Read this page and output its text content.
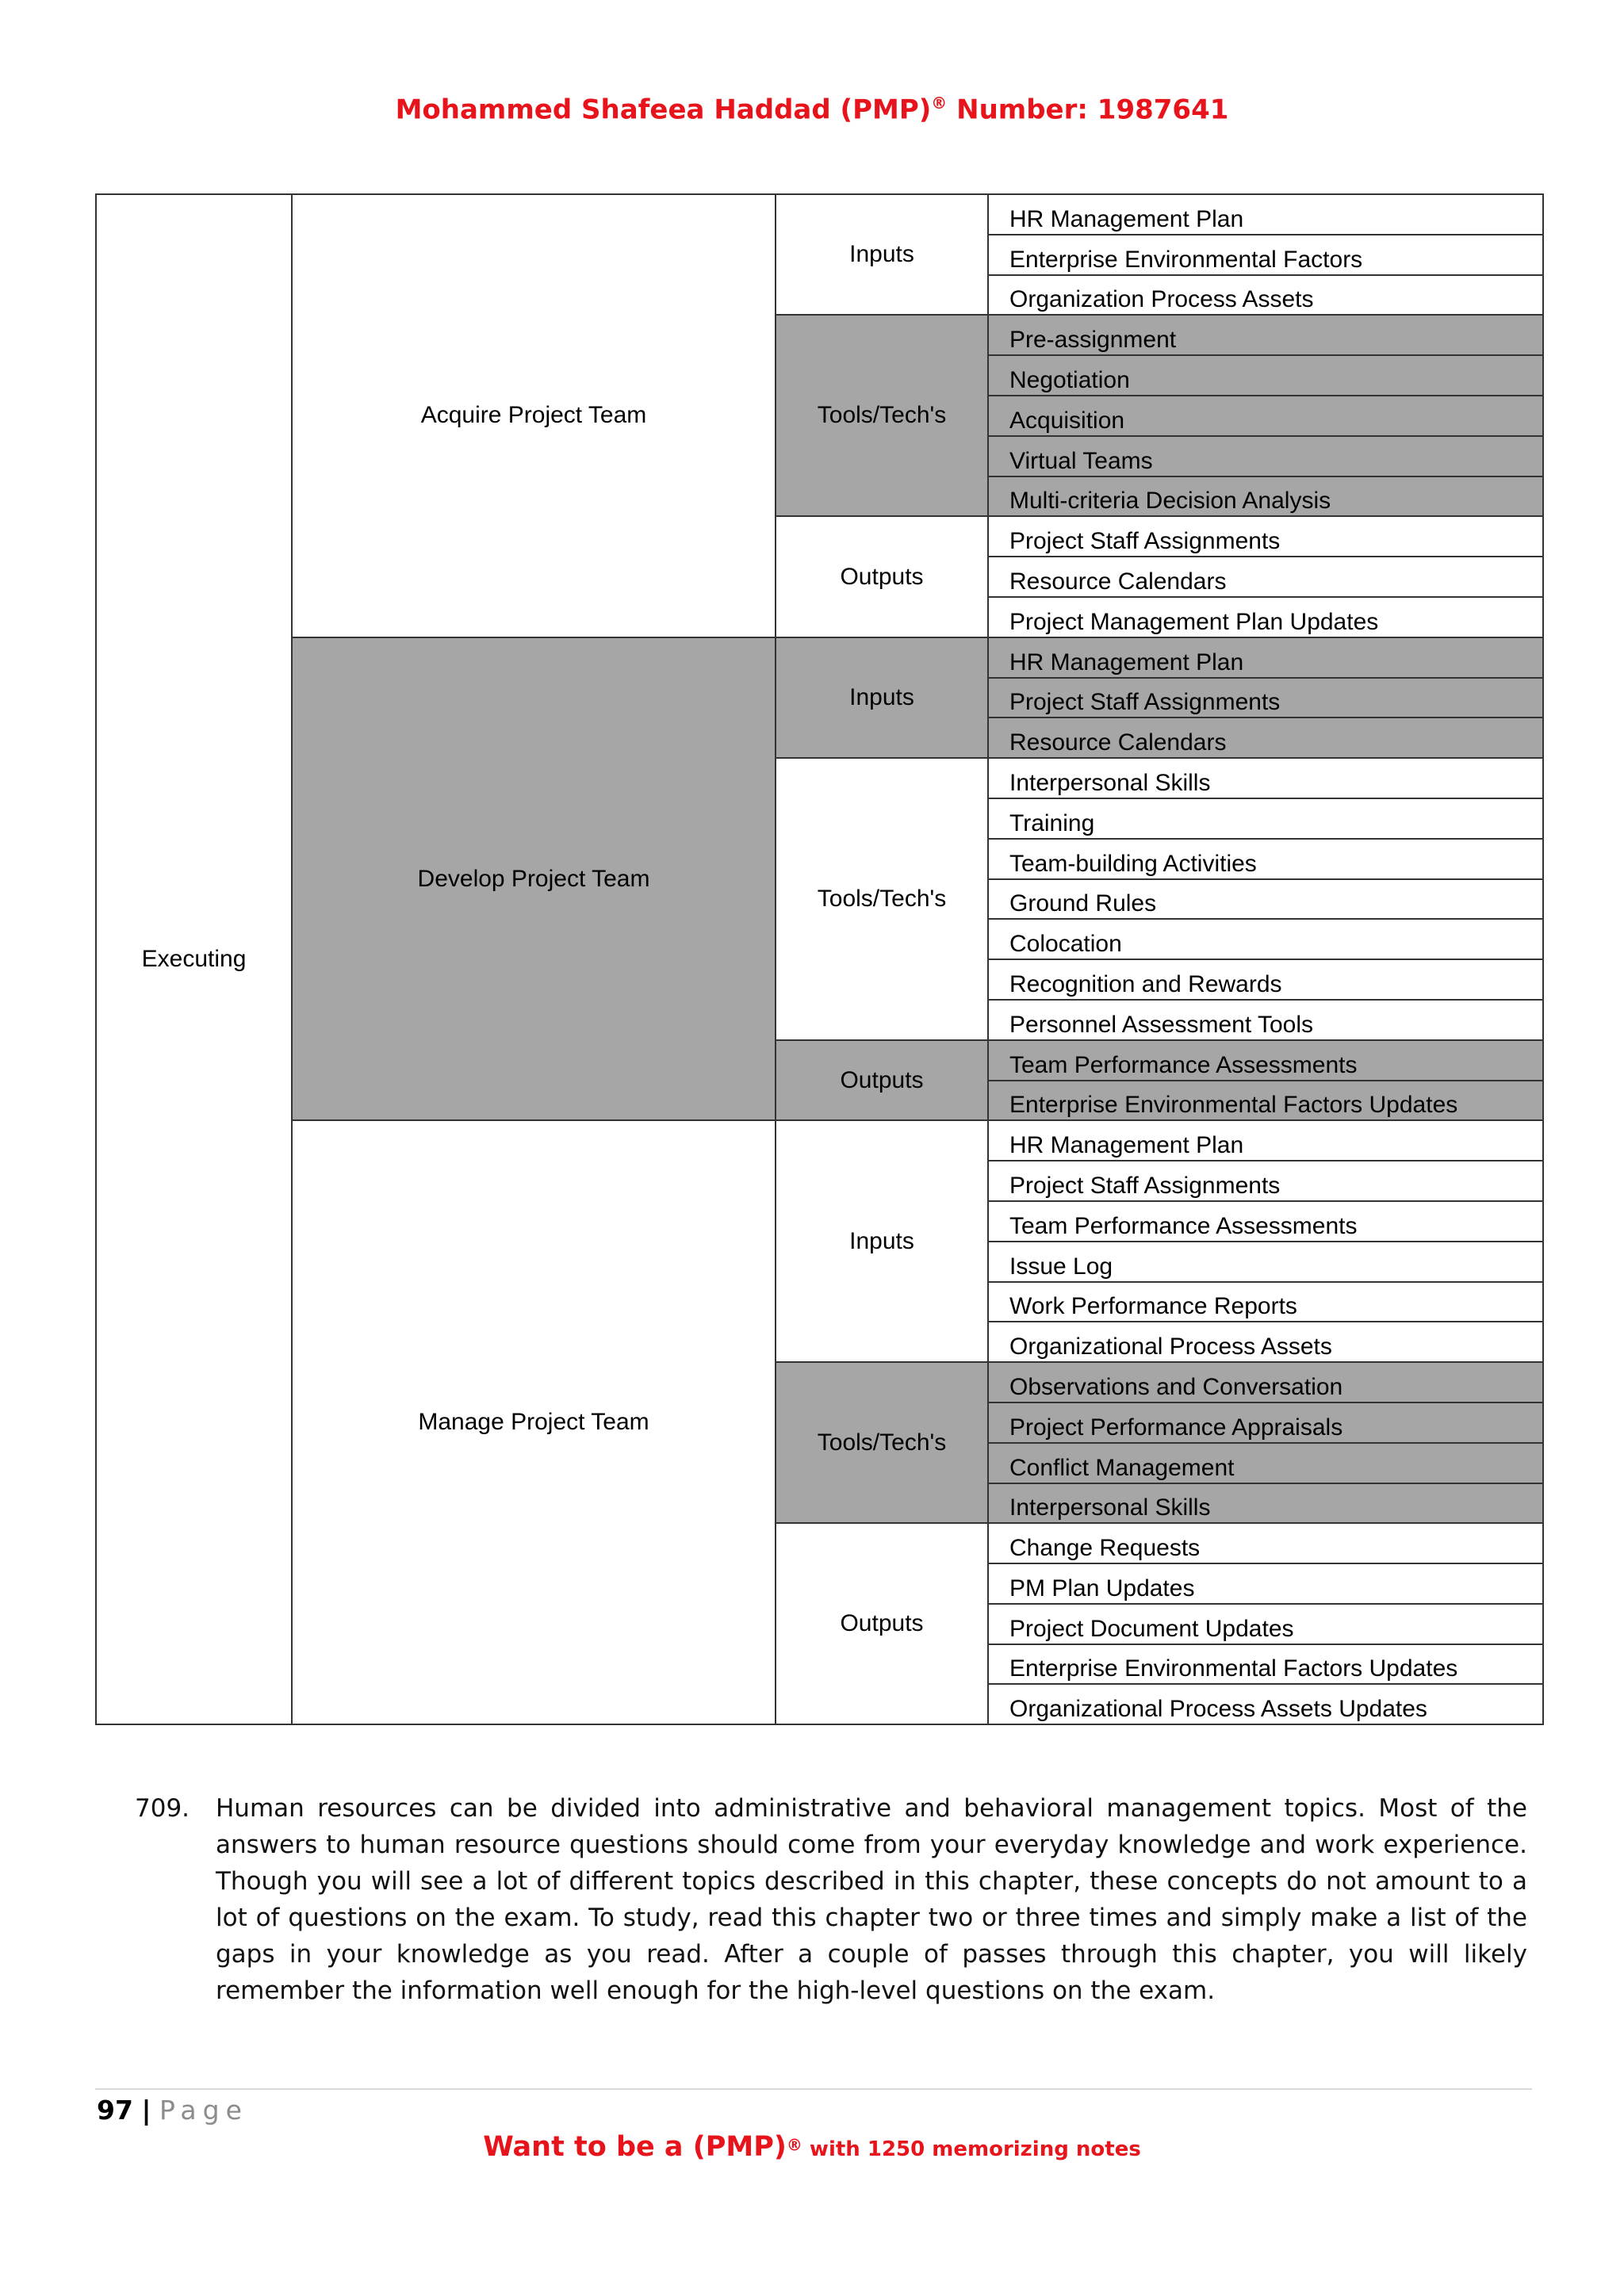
Mohammed Shafeea Haddad (PMP)® Number: 1987641
Executing	Acquire Project Team	Inputs	HR Management Plan
			Enterprise Environmental Factors
			Organization Process Assets
		Tools/Tech's	Pre-assignment
			Negotiation
			Acquisition
			Virtual Teams
			Multi-criteria Decision Analysis
		Outputs	Project Staff Assignments
			Resource Calendars
			Project Management Plan Updates
	Develop Project Team	Inputs	HR Management Plan
			Project Staff Assignments
			Resource Calendars
		Tools/Tech's	Interpersonal Skills
			Training
			Team-building Activities
			Ground Rules
			Colocation
			Recognition and Rewards
			Personnel Assessment Tools
		Outputs	Team Performance Assessments
			Enterprise Environmental Factors Updates
	Manage Project Team	Inputs	HR Management Plan
			Project Staff Assignments
			Team Performance Assessments
			Issue Log
			Work Performance Reports
			Organizational Process Assets
		Tools/Tech's	Observations and Conversation
			Project Performance Appraisals
			Conflict Management
			Interpersonal Skills
		Outputs	Change Requests
			PM Plan Updates
			Project Document Updates
			Enterprise Environmental Factors Updates
			Organizational Process Assets Updates
709. Human resources can be divided into administrative and behavioral management topics. Most of the answers to human resource questions should come from your everyday knowledge and work experience. Though you will see a lot of different topics described in this chapter, these concepts do not amount to a lot of questions on the exam. To study, read this chapter two or three times and simply make a list of the gaps in your knowledge as you read. After a couple of passes through this chapter, you will likely remember the information well enough for the high-level questions on the exam.
97 | Page
Want to be a (PMP)® with 1250 memorizing notes
